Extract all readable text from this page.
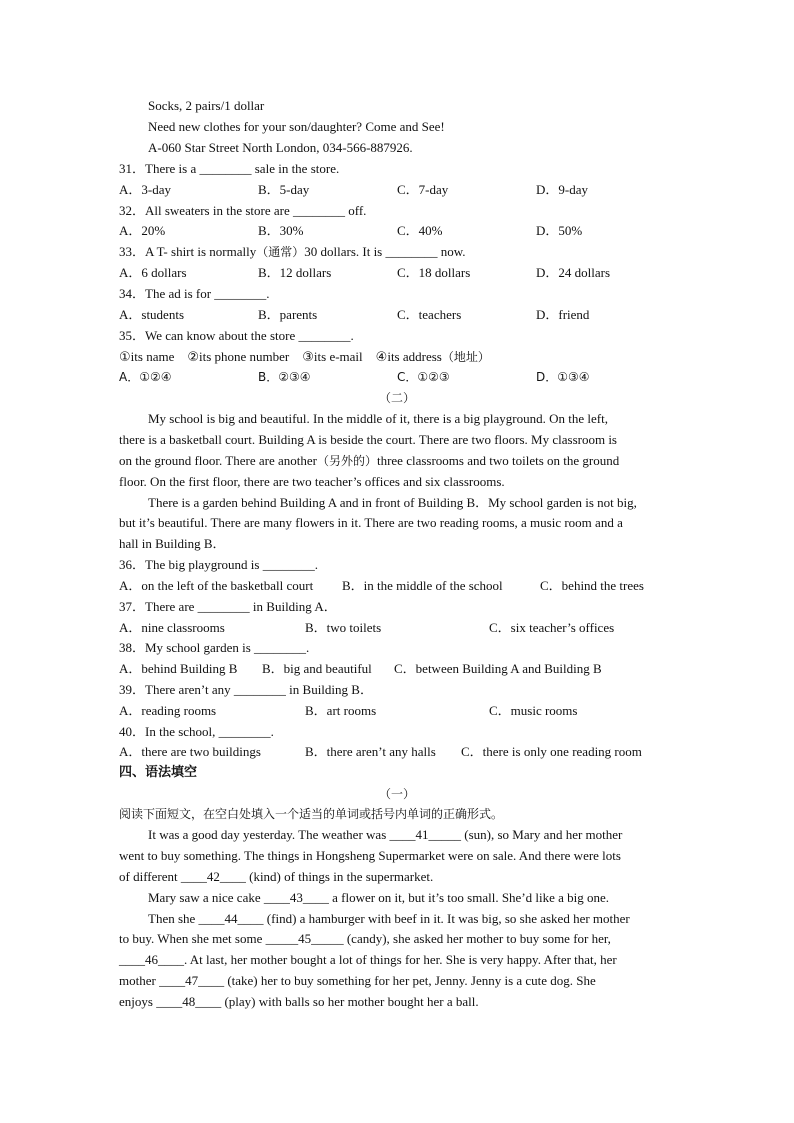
Socks, 2 pairs/1 dollar
Need new clothes for your son/daughter? Come and See!
A-060 Star Street North London, 034-566-887926.
31．There is a ________ sale in the store.
A．3-day	B．5-day	C．7-day	D．9-day
32．All sweaters in the store are ________ off.
A．20%	B．30%	C．40%	D．50%
33．A T- shirt is normally（通常）30 dollars. It is ________ now.
A．6 dollars	B．12 dollars	C．18 dollars	D．24 dollars
34．The ad is for ________.
A．students	B．parents	C．teachers	D．friend
35．We can know about the store ________.
①its name ②its phone number ③its e-mail ④its address（地址）
A．①②④	B．②③④	C．①②③	D．①③④
（二）
My school is big and beautiful. In the middle of it, there is a big playground. On the left,
there is a basketball court. Building A is beside the court. There are two floors. My classroom is
on the ground floor. There are another（另外的）three classrooms and two toilets on the ground
floor. On the first floor, there are two teacher’s offices and six classrooms.
There is a garden behind Building A and in front of Building B．My school garden is not big,
but it’s beautiful. There are many flowers in it. There are two reading rooms, a music room and a
hall in Building B．
36．The big playground is ________.
A．on the left of the basketball court B．in the middle of the school	C．behind the trees
37．There are ________ in Building A．
A．nine classrooms	B．two toilets	C．six teacher’s offices
38．My school garden is ________.
A．behind Building B B．big and beautiful C．between Building A and Building B
39．There aren’t any ________ in Building B．
A．reading rooms	B．art rooms	C．music rooms
40．In the school, ________.
A．there are two buildings	B．there aren’t any halls C．there is only one reading room
四、语法填空
（一）
阅读下面短文，在空白处填入一个适当的单词或括号内单词的正确形式。
It was a good day yesterday. The weather was ____41_____ (sun), so Mary and her mother
went to buy something. The things in Hongsheng Supermarket were on sale. And there were lots
of different ____42____ (kind) of things in the supermarket.
Mary saw a nice cake ____43____ a flower on it, but it’s too small. She’d like a big one.
Then she ____44____ (find) a hamburger with beef in it. It was big, so she asked her mother
to buy. When she met some _____45_____ (candy), she asked her mother to buy some for her,
____46____. At last, her mother bought a lot of things for her. She is very happy. After that, her
mother ____47____ (take) her to buy something for her pet, Jenny. Jenny is a cute dog. She
enjoys ____48____ (play) with balls so her mother bought her a ball.
